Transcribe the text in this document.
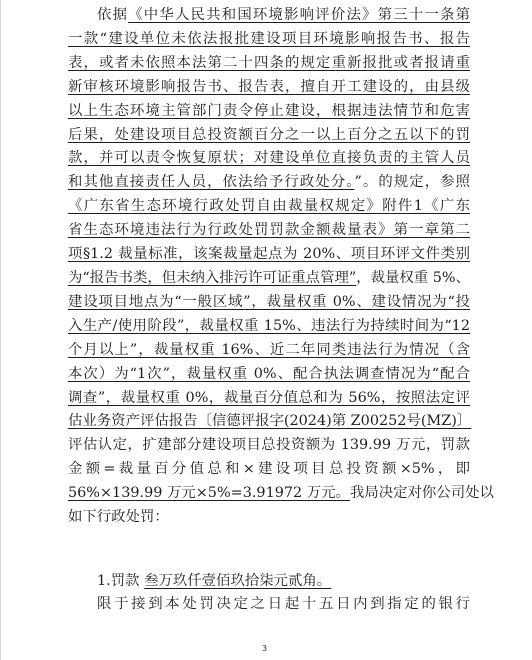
依据《中华人民共和国环境影响评价法》第三十一条第
一款“建设单位未依法报批建设项目环境影响报告书、报告
表，或者未依照本法第二十四条的规定重新报批或者报请重
新审核环境影响报告书、报告表，擅自开工建设的，由县级
以上生态环境主管部门责令停止建设，根据违法情节和危害
后果，处建设项目总投资额百分之一以上百分之五以下的罚
款，并可以责令恢复原状；对建设单位直接负责的主管人员
和其他直接责任人员，依法给予行政处分。”。的规定，参照
《广东省生态环境行政处罚自由裁量权规定》附件1《广东
省生态环境违法行为行政处罚罚款金额裁量表》第一章第二
项§1.2 裁量标准，该案裁量起点为 20%、项目环评文件类别
为“报告书类，但未纳入排污许可证重点管理”，裁量权重 5%、
建设项目地点为“一般区域”，裁量权重 0%、建设情况为“投
入生产/使用阶段”，裁量权重 15%、违法行为持续时间为“12
个月以上”，裁量权重 16%、近二年同类违法行为情况（含
本次）为“1次”，裁量权重 0%、配合执法调查情况为“配合
调查”，裁量权重 0%，裁量百分值总和为 56%，按照法定评
估业务资产评估报告〔信德评报字(2024)第 Z00252号(MZ)〕
评估认定，扩建部分建设项目总投资额为 139.99 万元，罚款
金额=裁量百分值总和×建设项目总投资额×5%，即
56%×139.99 万元×5%=3.91972 万元。我局决定对你公司处以
如下行政处罚：
1.罚款 叁万玖仟壹佰玖拾柒元贰角。
限于接到本处罚决定之日起十五日内到指定的银行
3
